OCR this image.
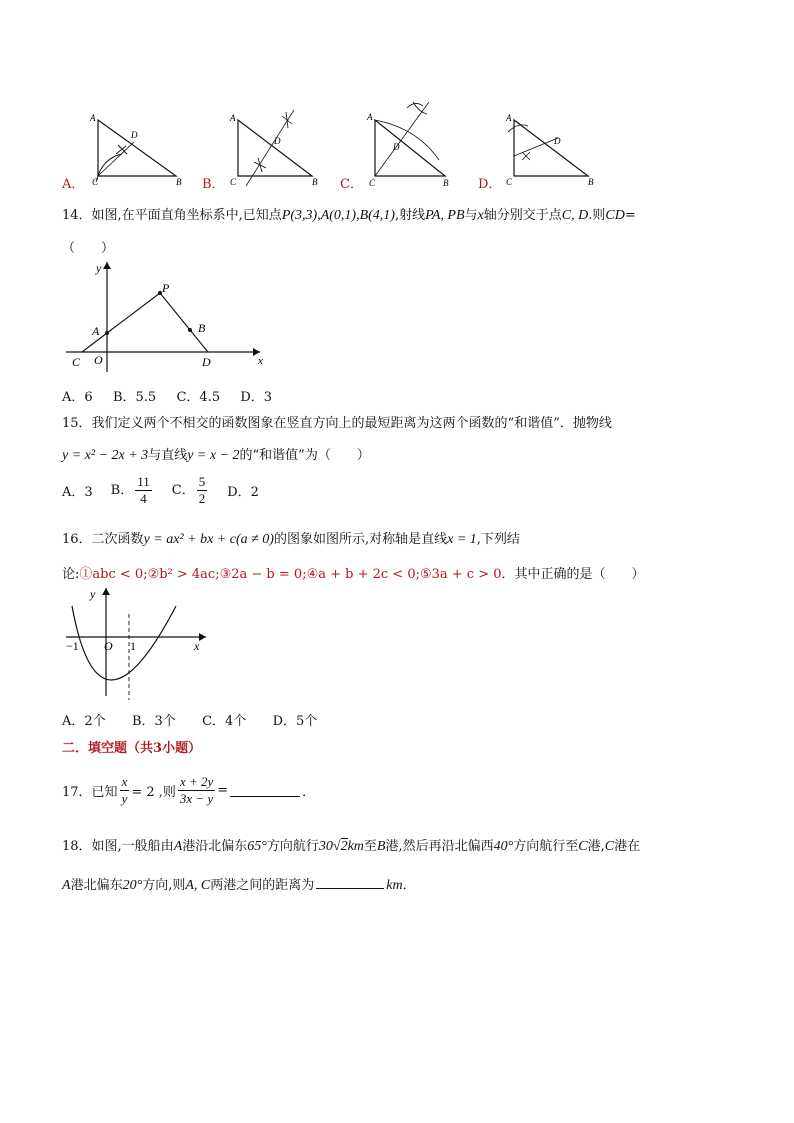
A
D
C	B
A
D
C	B
A
D
C	B
A
D
C	B
A．	B．	C．	D．
14．如图,在平面直角坐标系中,已知点P(3,3),A(0,1),B(4,1),射线PA, PB与x轴分别交于点C, D.则CD=
（　　）
y
x
O
A
P
B
C	D
A．6 B．5.5 C．4.5 D．3
15．我们定义两个不相交的函数图象在竖直方向上的最短距离为这两个函数的“和谐值”．抛物线
y = x² − 2x + 3与直线y = x − 2的“和谐值”为（　　）
A．3 B． $\frac{11}{4}$ C． $\frac{5}{2}$ D．2
16．二次函数y = ax² + bx + c(a ≠ 0)的图象如图所示,对称轴是直线x = 1,下列结
论:①abc < 0;②b² > 4ac;③2a − b = 0;④a + b + 2c < 0;⑤3a + c > 0．其中正确的是（　　）
y
x
O
−1	1
A．2个 B．3个 C．4个 D．5个
二．填空题（共3小题）
17． 已知 $\frac{x}{y} = 2$ ,则 $\frac{x + 2y}{3x - y}$ =	．
18．如图,一般船由A港沿北偏东65°方向航行30√2km至B港,然后再沿北偏西40°方向航行至C港,C港在
A港北偏东20°方向,则A, C两港之间的距离为	km．
